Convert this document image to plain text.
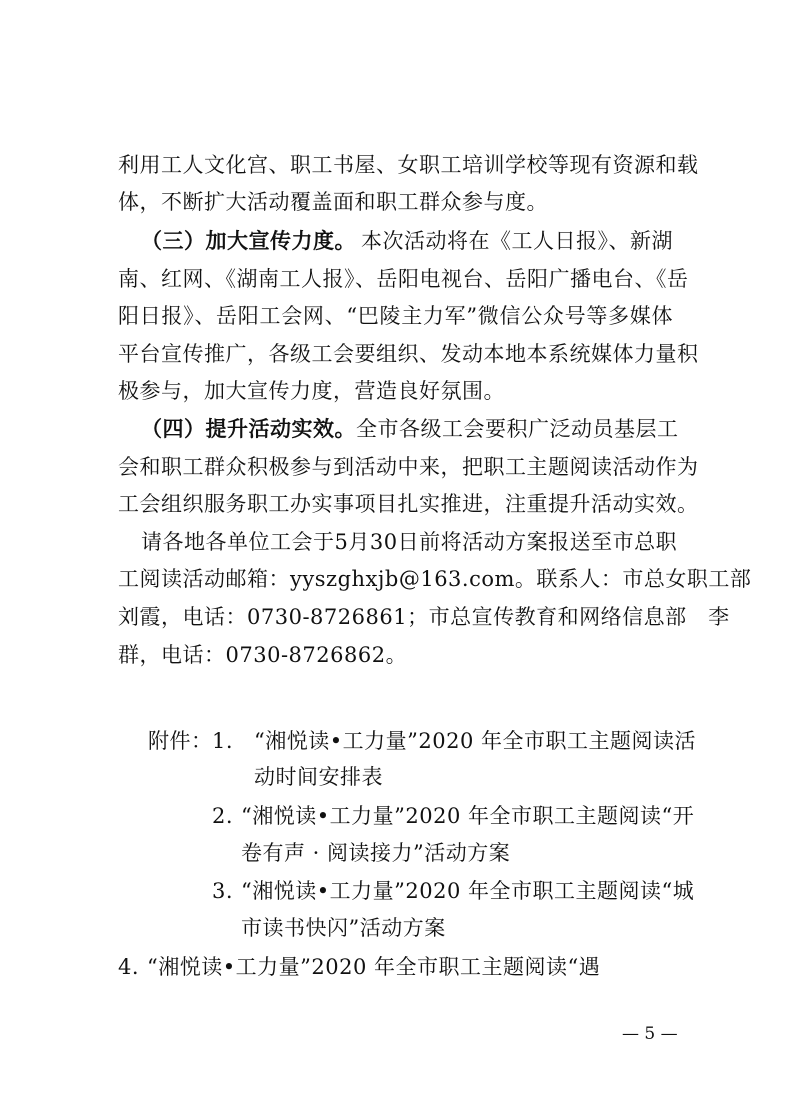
利用工人文化宫、职工书屋、女职工培训学校等现有资源和载
体，不断扩大活动覆盖面和职工群众参与度。
（三）加大宣传力度。 本次活动将在《工人日报》、新湖
南、红网、《湖南工人报》、岳阳电视台、岳阳广播电台、《岳
阳日报》、岳阳工会网、“巴陵主力军”微信公众号等多媒体
平台宣传推广，各级工会要组织、发动本地本系统媒体力量积
极参与，加大宣传力度，营造良好氛围。
（四）提升活动实效。 全市各级工会要积广泛动员基层工
会和职工群众积极参与到活动中来，把职工主题阅读活动作为
工会组织服务职工办实事项目扎实推进，注重提升活动实效。
请各地各单位工会于5月30日前将活动方案报送至市总职
工阅读活动邮箱：yyszghxjb@163.com。联系人：市总女职工部
刘霞，电话：0730-8726861；市总宣传教育和网络信息部　李
群，电话：0730-8726862。
附件： 1. “湘悦读•工力量”2020 年全市职工主题阅读活
动时间安排表
2. “湘悦读•工力量”2020 年全市职工主题阅读“开
卷有声 · 阅读接力”活动方案
3. “湘悦读•工力量”2020 年全市职工主题阅读“城
市读书快闪”活动方案
4. “湘悦读•工力量”2020 年全市职工主题阅读“遇
— 5 —
